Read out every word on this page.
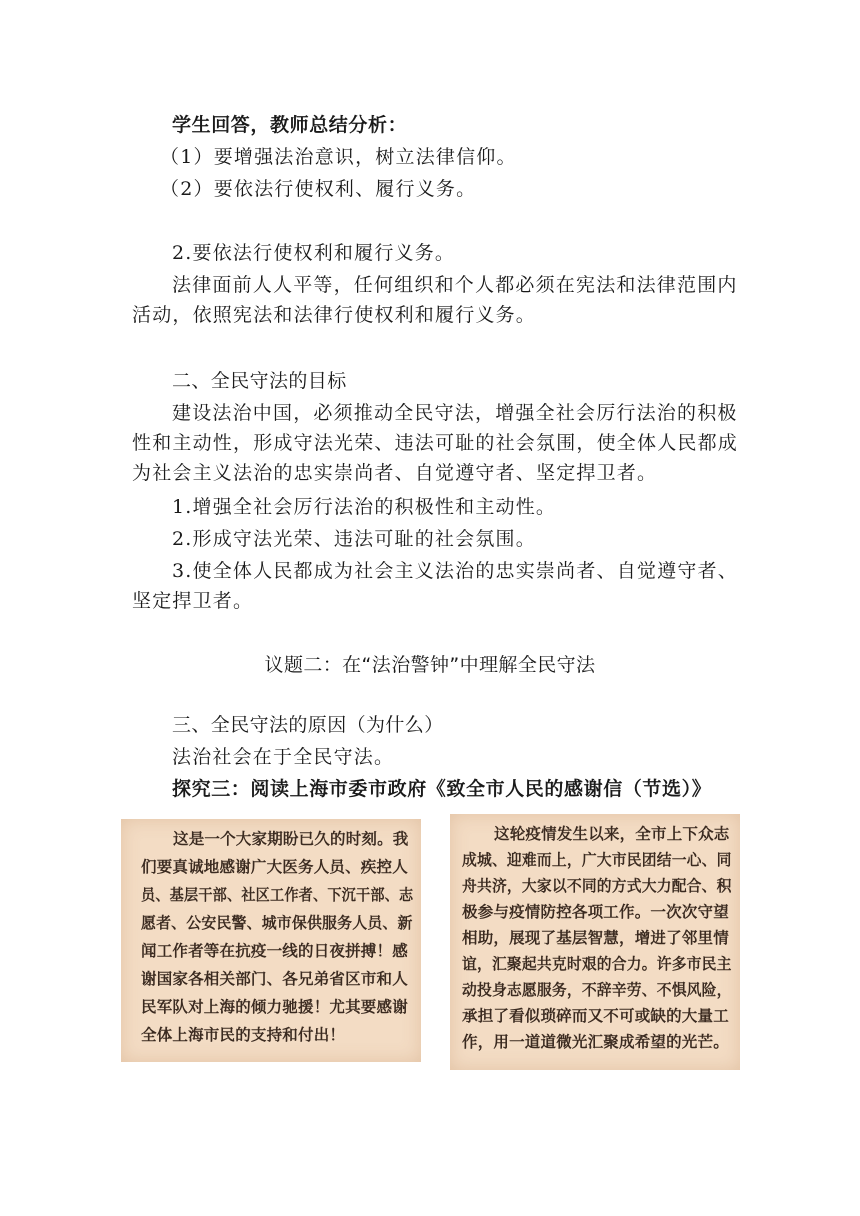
学生回答，教师总结分析：
（1）要增强法治意识，树立法律信仰。
（2）要依法行使权利、履行义务。
2.要依法行使权利和履行义务。
法律面前人人平等，任何组织和个人都必须在宪法和法律范围内
活动，依照宪法和法律行使权利和履行义务。
二、全民守法的目标
建设法治中国，必须推动全民守法，增强全社会厉行法治的积极
性和主动性，形成守法光荣、违法可耻的社会氛围，使全体人民都成
为社会主义法治的忠实崇尚者、自觉遵守者、坚定捍卫者。
1.增强全社会厉行法治的积极性和主动性。
2.形成守法光荣、违法可耻的社会氛围。
3.使全体人民都成为社会主义法治的忠实崇尚者、自觉遵守者、
坚定捍卫者。
议题二：在“法治警钟”中理解全民守法
三、全民守法的原因（为什么）
法治社会在于全民守法。
探究三：阅读上海市委市政府《致全市人民的感谢信（节选）》
这是一个大家期盼已久的时刻。我
们要真诚地感谢广大医务人员、疾控人
员、基层干部、社区工作者、下沉干部、志
愿者、公安民警、城市保供服务人员、新
闻工作者等在抗疫一线的日夜拼搏！感
谢国家各相关部门、各兄弟省区市和人
民军队对上海的倾力驰援！尤其要感谢
全体上海市民的支持和付出！
这轮疫情发生以来，全市上下众志
成城、迎难而上，广大市民团结一心、同
舟共济，大家以不同的方式大力配合、积
极参与疫情防控各项工作。一次次守望
相助，展现了基层智慧，增进了邻里情
谊，汇聚起共克时艰的合力。许多市民主
动投身志愿服务，不辞辛劳、不惧风险，
承担了看似琐碎而又不可或缺的大量工
作，用一道道微光汇聚成希望的光芒。
